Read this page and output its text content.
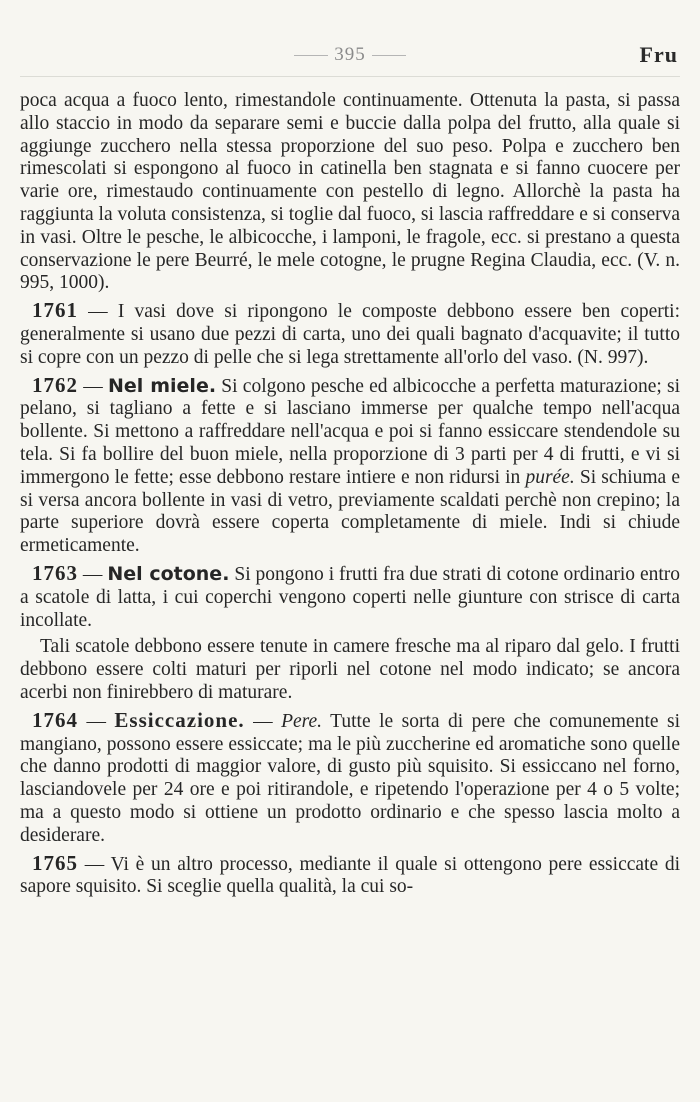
395	Fru

poca acqua a fuoco lento, rimestandole continuamente. Ottenuta la pasta, si passa allo staccio in modo da separare semi e buccie dalla polpa del frutto, alla quale si aggiunge zucchero nella stessa proporzione del suo peso. Polpa e zucchero ben rimescolati si espongono al fuoco in catinella ben stagnata e si fanno cuocere per varie ore, rimestaudo continuamente con pestello di legno. Allorchè la pasta ha raggiunta la voluta consistenza, si toglie dal fuoco, si lascia raffreddare e si conserva in vasi. Oltre le pesche, le albicocche, i lamponi, le fragole, ecc. si prestano a questa conservazione le pere Beurré, le mele cotogne, le prugne Regina Claudia, ecc. (V. n. 995, 1000).

1761 — I vasi dove si ripongono le composte debbono essere ben coperti: generalmente si usano due pezzi di carta, uno dei quali bagnato d'acquavite; il tutto si copre con un pezzo di pelle che si lega strettamente all'orlo del vaso. (N. 997).

1762 — Nel miele. Si colgono pesche ed albicocche a perfetta maturazione; si pelano, si tagliano a fette e si lasciano immerse per qualche tempo nell'acqua bollente. Si mettono a raffreddare nell'acqua e poi si fanno essiccare stendendole su tela. Si fa bollire del buon miele, nella proporzione di 3 parti per 4 di frutti, e vi si immergono le fette; esse debbono restare intiere e non ridursi in purée. Si schiuma e si versa ancora bollente in vasi di vetro, previamente scaldati perchè non crepino; la parte superiore dovrà essere coperta completamente di miele. Indi si chiude ermeticamente.

1763 — Nel cotone. Si pongono i frutti fra due strati di cotone ordinario entro a scatole di latta, i cui coperchi vengono coperti nelle giunture con strisce di carta incollate.

Tali scatole debbono essere tenute in camere fresche ma al riparo dal gelo. I frutti debbono essere colti maturi per riporli nel cotone nel modo indicato; se ancora acerbi non finirebbero di maturare.

1764 — Essiccazione. — Pere. Tutte le sorta di pere che comunemente si mangiano, possono essere essiccate; ma le più zuccherine ed aromatiche sono quelle che danno prodotti di maggior valore, di gusto più squisito. Si essiccano nel forno, lasciandovele per 24 ore e poi ritirandole, e ripetendo l'operazione per 4 o 5 volte; ma a questo modo si ottiene un prodotto ordinario e che spesso lascia molto a desiderare.

1765 — Vi è un altro processo, mediante il quale si ottengono pere essiccate di sapore squisito. Si sceglie quella qualità, la cui so-
